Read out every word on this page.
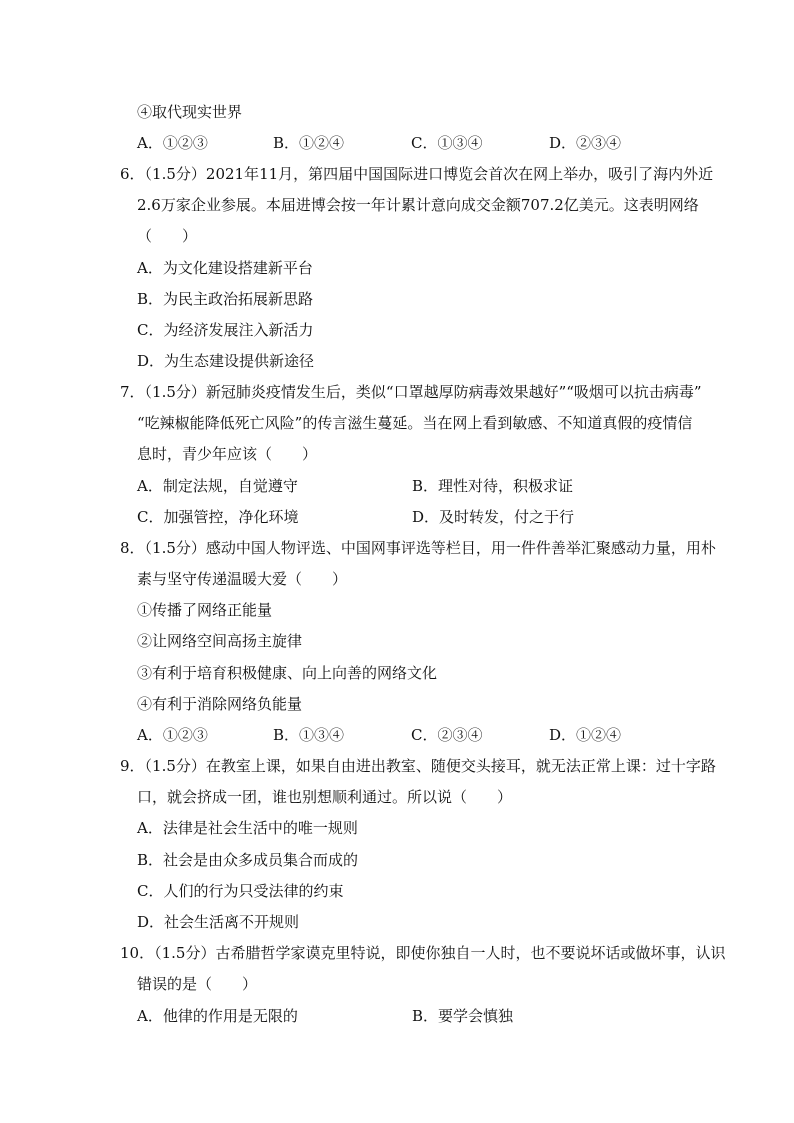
④取代现实世界
A．①②③	B．①②④	C．①③④	D．②③④
6．（1.5分）2021年11月，第四届中国国际进口博览会首次在网上举办，吸引了海内外近
2.6万家企业参展。本届进博会按一年计累计意向成交金额707.2亿美元。这表明网络
（　　）
A．为文化建设搭建新平台
B．为民主政治拓展新思路
C．为经济发展注入新活力
D．为生态建设提供新途径
7．（1.5分）新冠肺炎疫情发生后，类似“口罩越厚防病毒效果越好”“吸烟可以抗击病毒”
“吃辣椒能降低死亡风险”的传言滋生蔓延。当在网上看到敏感、不知道真假的疫情信
息时，青少年应该（　　）
A．制定法规，自觉遵守	B．理性对待，积极求证
C．加强管控，净化环境	D．及时转发，付之于行
8．（1.5分）感动中国人物评选、中国网事评选等栏目，用一件件善举汇聚感动力量，用朴
素与坚守传递温暖大爱（　　）
①传播了网络正能量
②让网络空间高扬主旋律
③有利于培育积极健康、向上向善的网络文化
④有利于消除网络负能量
A．①②③	B．①③④	C．②③④	D．①②④
9．（1.5分）在教室上课，如果自由进出教室、随便交头接耳，就无法正常上课：过十字路
口，就会挤成一团，谁也别想顺利通过。所以说（　　）
A．法律是社会生活中的唯一规则
B．社会是由众多成员集合而成的
C．人们的行为只受法律的约束
D．社会生活离不开规则
10．（1.5分）古希腊哲学家谟克里特说，即使你独自一人时，也不要说坏话或做坏事，认识
错误的是（　　）
A．他律的作用是无限的	B．要学会慎独
